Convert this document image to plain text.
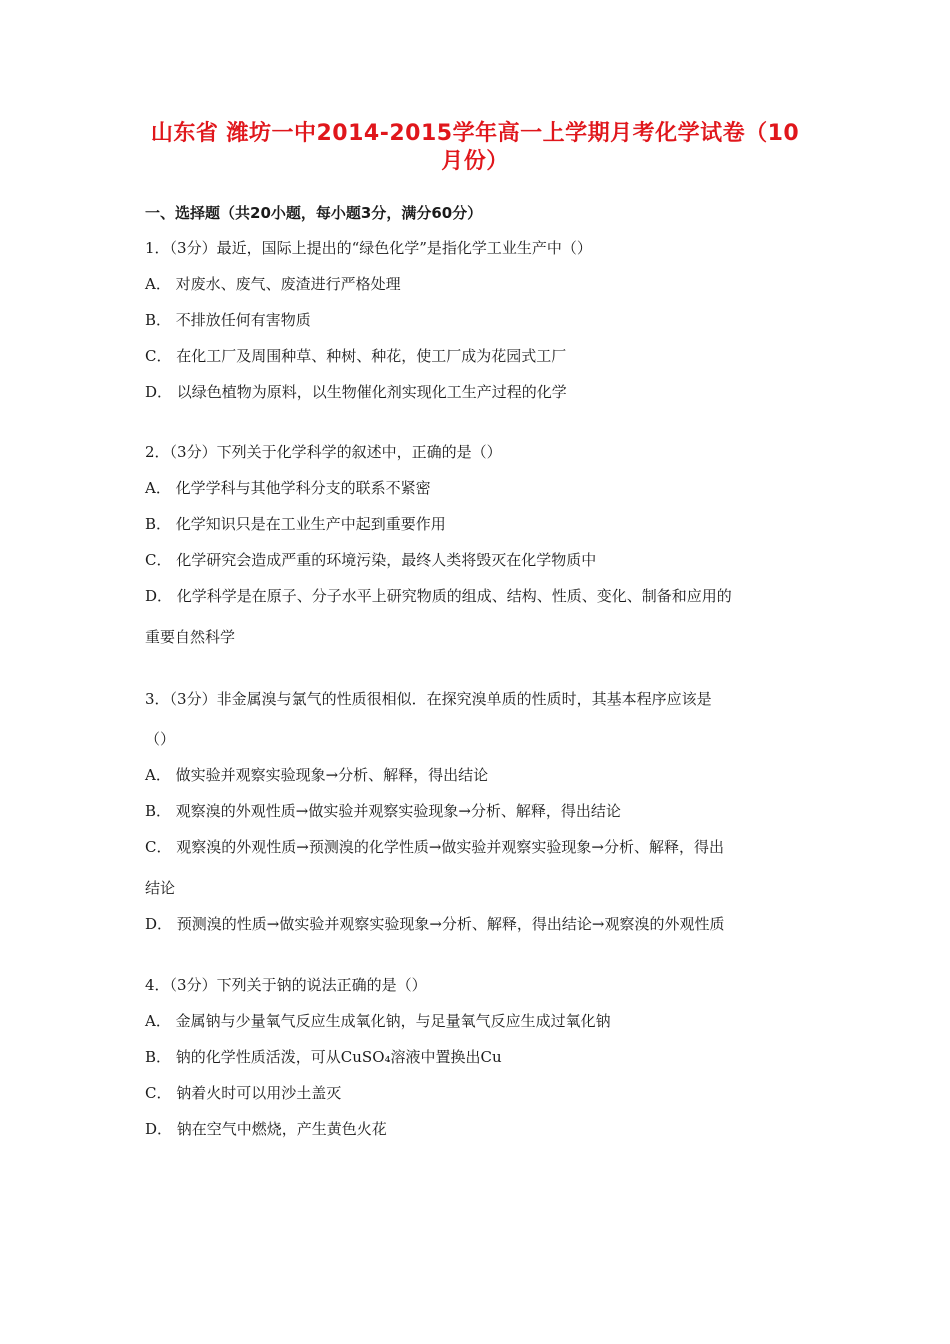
山东省 潍坊一中2014-2015学年高一上学期月考化学试卷（10月份）

一、选择题（共20小题，每小题3分，满分60分）

1．（3分）最近，国际上提出的“绿色化学”是指化学工业生产中（）

A． 对废水、废气、废渣进行严格处理

B． 不排放任何有害物质

C． 在化工厂及周围种草、种树、种花，使工厂成为花园式工厂

D． 以绿色植物为原料，以生物催化剂实现化工生产过程的化学

2．（3分）下列关于化学科学的叙述中，正确的是（）

A． 化学学科与其他学科分支的联系不紧密

B． 化学知识只是在工业生产中起到重要作用

C． 化学研究会造成严重的环境污染，最终人类将毁灭在化学物质中

D． 化学科学是在原子、分子水平上研究物质的组成、结构、性质、变化、制备和应用的

重要自然科学

3．（3分）非金属溴与氯气的性质很相似．在探究溴单质的性质时，其基本程序应该是

（）

A． 做实验并观察实验现象→分析、解释，得出结论

B． 观察溴的外观性质→做实验并观察实验现象→分析、解释，得出结论

C． 观察溴的外观性质→预测溴的化学性质→做实验并观察实验现象→分析、解释，得出

结论

D． 预测溴的性质→做实验并观察实验现象→分析、解释，得出结论→观察溴的外观性质

4．（3分）下列关于钠的说法正确的是（）

A． 金属钠与少量氧气反应生成氧化钠，与足量氧气反应生成过氧化钠

B． 钠的化学性质活泼，可从CuSO₄溶液中置换出Cu

C． 钠着火时可以用沙土盖灭

D． 钠在空气中燃烧，产生黄色火花
